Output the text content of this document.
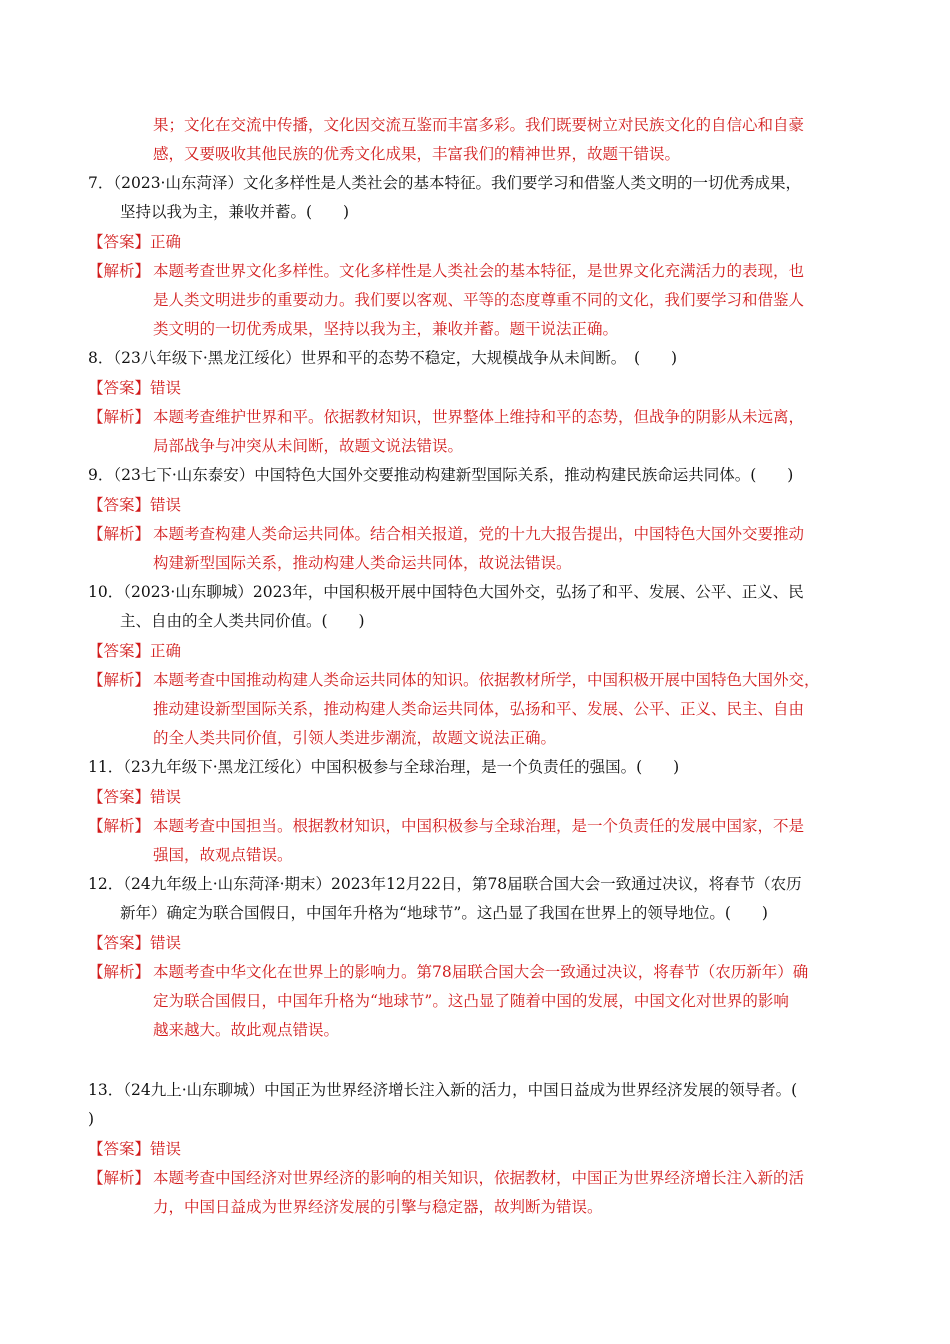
果；文化在交流中传播，文化因交流互鉴而丰富多彩。我们既要树立对民族文化的自信心和自豪
感，又要吸收其他民族的优秀文化成果，丰富我们的精神世界，故题干错误。
7．（2023·山东菏泽）文化多样性是人类社会的基本特征。我们要学习和借鉴人类文明的一切优秀成果，
坚持以我为主，兼收并蓄。(　　)
【答案】正确
【解析】 本题考查世界文化多样性。文化多样性是人类社会的基本特征，是世界文化充满活力的表现，也
是人类文明进步的重要动力。我们要以客观、平等的态度尊重不同的文化，我们要学习和借鉴人
类文明的一切优秀成果，坚持以我为主，兼收并蓄。题干说法正确。
8．（23八年级下·黑龙江绥化）世界和平的态势不稳定，大规模战争从未间断。　(　　)
【答案】错误
【解析】 本题考查维护世界和平。依据教材知识，世界整体上维持和平的态势，但战争的阴影从未远离，
局部战争与冲突从未间断，故题文说法错误。
9．（23七下·山东泰安）中国特色大国外交要推动构建新型国际关系，推动构建民族命运共同体。(　　)
【答案】错误
【解析】 本题考查构建人类命运共同体。结合相关报道，党的十九大报告提出，中国特色大国外交要推动
构建新型国际关系，推动构建人类命运共同体，故说法错误。
10．（2023·山东聊城）2023年，中国积极开展中国特色大国外交，弘扬了和平、发展、公平、正义、民
主、自由的全人类共同价值。(　　)
【答案】正确
【解析】 本题考查中国推动构建人类命运共同体的知识。依据教材所学，中国积极开展中国特色大国外交，
推动建设新型国际关系，推动构建人类命运共同体，弘扬和平、发展、公平、正义、民主、自由
的全人类共同价值，引领人类进步潮流，故题文说法正确。
11．（23九年级下·黑龙江绥化）中国积极参与全球治理，是一个负责任的强国。(　　)
【答案】错误
【解析】 本题考查中国担当。根据教材知识，中国积极参与全球治理，是一个负责任的发展中国家，不是
强国，故观点错误。
12．（24九年级上·山东菏泽·期末）2023年12月22日，第78届联合国大会一致通过决议，将春节（农历
新年）确定为联合国假日，中国年升格为“地球节”。这凸显了我国在世界上的领导地位。(　　)
【答案】错误
【解析】 本题考查中华文化在世界上的影响力。第78届联合国大会一致通过决议，将春节（农历新年）确
定为联合国假日，中国年升格为“地球节”。这凸显了随着中国的发展，中国文化对世界的影响
越来越大。故此观点错误。
13．（24九上·山东聊城）中国正为世界经济增长注入新的活力，中国日益成为世界经济发展的领导者。(
)
【答案】错误
【解析】 本题考查中国经济对世界经济的影响的相关知识，依据教材，中国正为世界经济增长注入新的活
力，中国日益成为世界经济发展的引擎与稳定器，故判断为错误。
